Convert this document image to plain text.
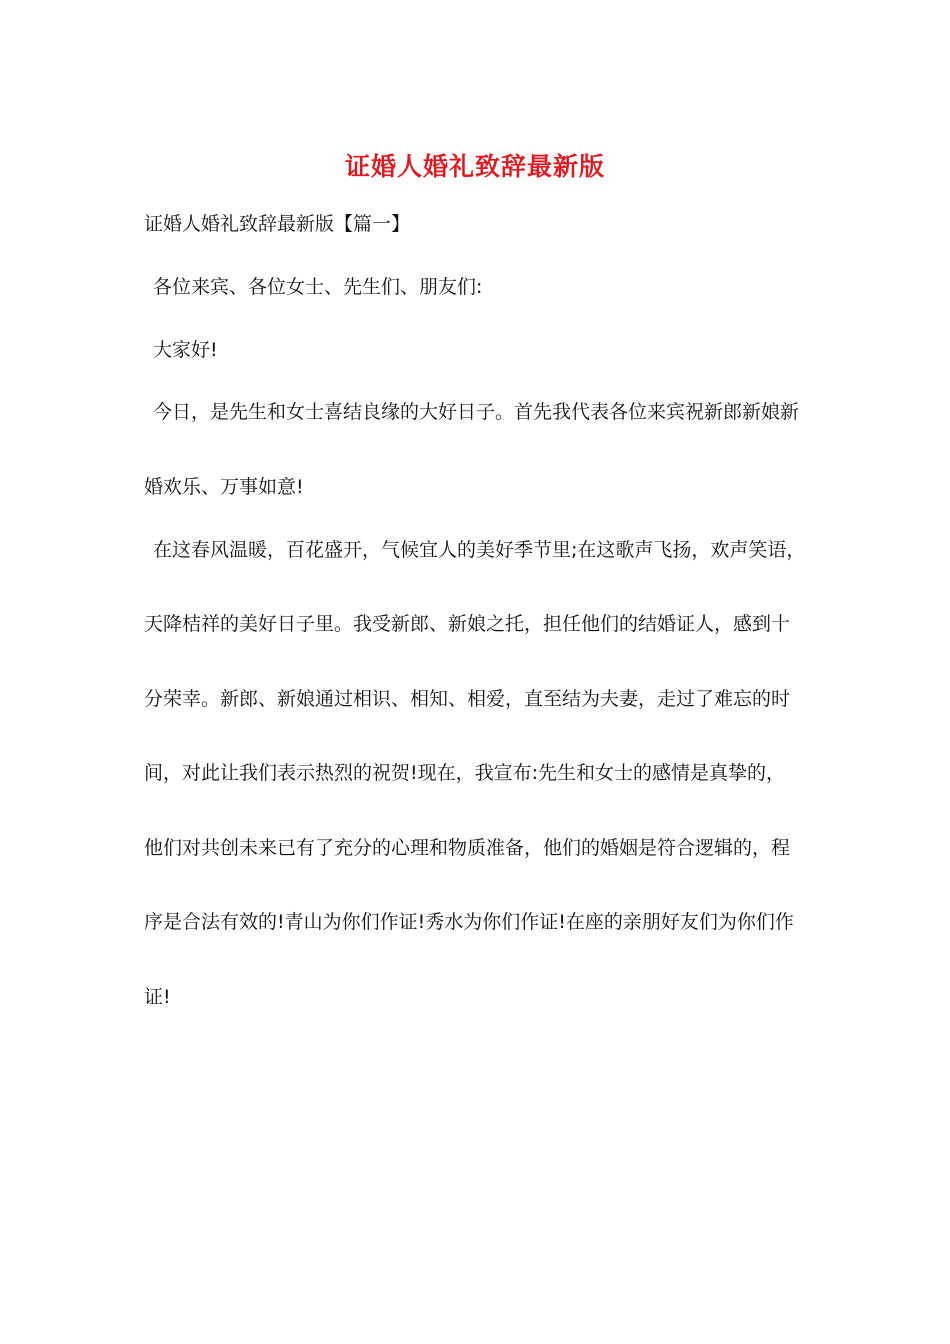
证婚人婚礼致辞最新版
证婚人婚礼致辞最新版【篇一】
各位来宾、各位女士、先生们、朋友们:
大家好!
今日，是先生和女士喜结良缘的大好日子。首先我代表各位来宾祝新郎新娘新
婚欢乐、万事如意!
在这春风温暖，百花盛开，气候宜人的美好季节里;在这歌声飞扬，欢声笑语，
天降桔祥的美好日子里。我受新郎、新娘之托，担任他们的结婚证人，感到十
分荣幸。新郎、新娘通过相识、相知、相爱，直至结为夫妻，走过了难忘的时
间，对此让我们表示热烈的祝贺!现在，我宣布:先生和女士的感情是真挚的，
他们对共创未来已有了充分的心理和物质准备，他们的婚姻是符合逻辑的，程
序是合法有效的!青山为你们作证!秀水为你们作证!在座的亲朋好友们为你们作
证!
